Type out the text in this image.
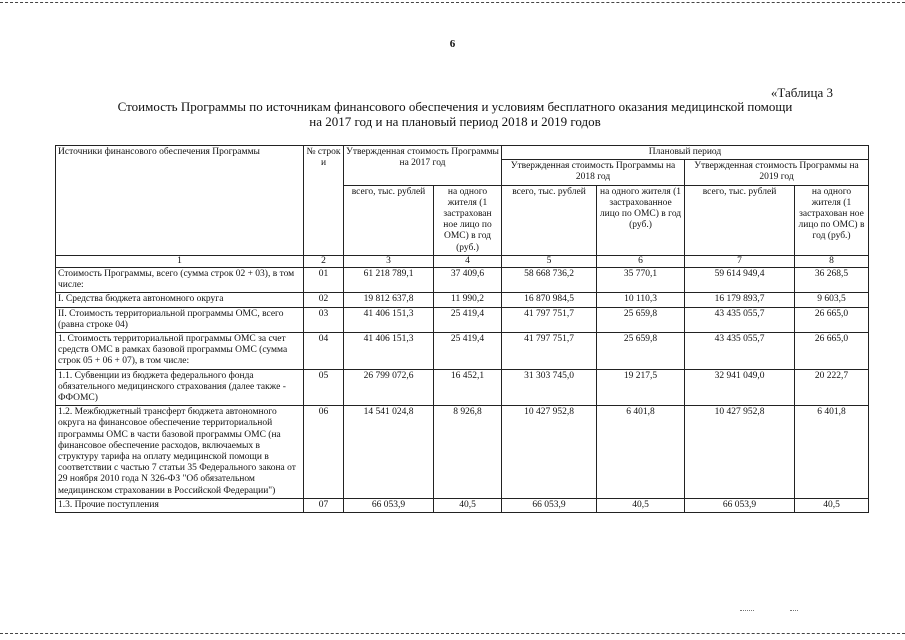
6
«Таблица 3
Стоимость Программы по источникам финансового обеспечения и условиям бесплатного оказания медицинской помощи
на 2017 год и на плановый период 2018 и 2019 годов
Источники финансового обеспечения Программы	№ строк и	Утвержденная стоимость Программы на 2017 год		Плановый период			
				Утвержденная стоимость Программы на 2018 год		Утвержденная стоимость Программы на 2019 год	
		всего, тыс. рублей	на одного жителя (1 застрахован ное лицо по ОМС) в год (руб.)	всего, тыс. рублей	на одного жителя (1 застрахованное лицо по ОМС) в год (руб.)	всего, тыс. рублей	на одного жителя (1 застрахован ное лицо по ОМС) в год (руб.)
1	2	3	4	5	6	7	8
Стоимость Программы, всего (сумма строк 02 + 03), в том числе:	01	61 218 789,1	37 409,6	58 668 736,2	35 770,1	59 614 949,4	36 268,5
I. Средства бюджета автономного округа	02	19 812 637,8	11 990,2	16 870 984,5	10 110,3	16 179 893,7	9 603,5
II. Стоимость территориальной программы ОМС, всего (равна строке 04)	03	41 406 151,3	25 419,4	41 797 751,7	25 659,8	43 435 055,7	26 665,0
1. Стоимость территориальной программы ОМС за счет средств ОМС в рамках базовой программы ОМС (сумма строк 05 + 06 + 07), в том числе:	04	41 406 151,3	25 419,4	41 797 751,7	25 659,8	43 435 055,7	26 665,0
1.1. Субвенции из бюджета федерального фонда обязательного медицинского страхования (далее также - ФФОМС)	05	26 799 072,6	16 452,1	31 303 745,0	19 217,5	32 941 049,0	20 222,7
1.2. Межбюджетный трансферт бюджета автономного округа на финансовое обеспечение территориальной программы ОМС в части базовой программы ОМС (на финансовое обеспечение расходов, включаемых в структуру тарифа на оплату медицинской помощи в соответствии с частью 7 статьи 35 Федерального закона от 29 ноября 2010 года N 326-ФЗ "Об обязательном медицинском страховании в Российской Федерации")	06	14 541 024,8	8 926,8	10 427 952,8	6 401,8	10 427 952,8	6 401,8
1.3. Прочие поступления	07	66 053,9	40,5	66 053,9	40,5	66 053,9	40,5
